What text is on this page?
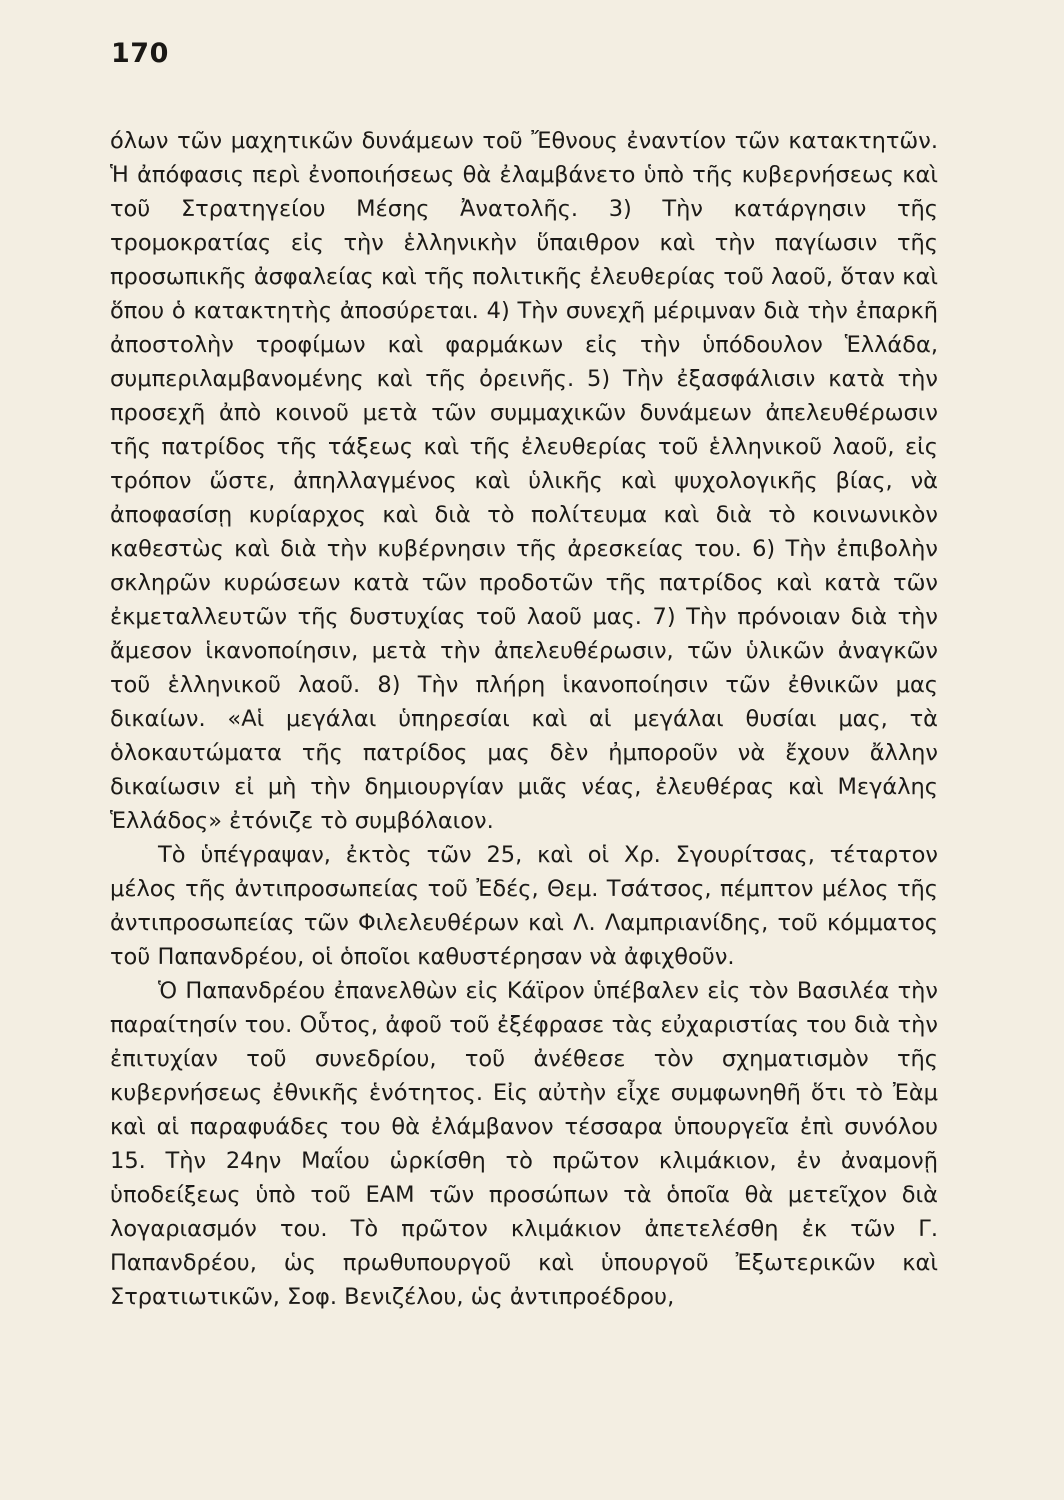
170

όλων τῶν μαχητικῶν δυνάμεων τοῦ Ἔθνους ἐναντίον τῶν κατακτητῶν. Ἡ ἀπόφασις περὶ ἐνοποιήσεως θὰ ἐλαμβάνετο ὑπὸ τῆς κυβερνήσεως καὶ τοῦ Στρατηγείου Μέσης Ἀνατολῆς. 3) Τὴν κατάργησιν τῆς τρομοκρατίας εἰς τὴν ἑλληνικὴν ὕπαιθρον καὶ τὴν παγίωσιν τῆς προσωπικῆς ἀσφαλείας καὶ τῆς πολιτικῆς ἐλευθερίας τοῦ λαοῦ, ὅταν καὶ ὅπου ὁ κατακτητὴς ἀποσύρεται. 4) Τὴν συνεχῆ μέριμναν διὰ τὴν ἐπαρκῆ ἀποστολὴν τροφίμων καὶ φαρμάκων εἰς τὴν ὑπόδουλον Ἑλλάδα, συμπεριλαμβανομένης καὶ τῆς ὀρεινῆς. 5) Τὴν ἐξασφάλισιν κατὰ τὴν προσεχῆ ἀπὸ κοινοῦ μετὰ τῶν συμμαχικῶν δυνάμεων ἀπελευθέρωσιν τῆς πατρίδος τῆς τάξεως καὶ τῆς ἐλευθερίας τοῦ ἑλληνικοῦ λαοῦ, εἰς τρόπον ὥστε, ἀπηλλαγμένος καὶ ὑλικῆς καὶ ψυχολογικῆς βίας, νὰ ἀποφασίσῃ κυρίαρχος καὶ διὰ τὸ πολίτευμα καὶ διὰ τὸ κοινωνικὸν καθεστὼς καὶ διὰ τὴν κυβέρνησιν τῆς ἀρεσκείας του. 6) Τὴν ἐπιβολὴν σκληρῶν κυρώσεων κατὰ τῶν προδοτῶν τῆς πατρίδος καὶ κατὰ τῶν ἐκμεταλλευτῶν τῆς δυστυχίας τοῦ λαοῦ μας. 7) Τὴν πρόνοιαν διὰ τὴν ἄμεσον ἱκανοποίησιν, μετὰ τὴν ἀπελευθέρωσιν, τῶν ὑλικῶν ἀναγκῶν τοῦ ἑλληνικοῦ λαοῦ. 8) Τὴν πλήρη ἱκανοποίησιν τῶν ἐθνικῶν μας δικαίων. «Αἱ μεγάλαι ὑπηρεσίαι καὶ αἱ μεγάλαι θυσίαι μας, τὰ ὁλοκαυτώματα τῆς πατρίδος μας δὲν ἠμποροῦν νὰ ἔχουν ἄλλην δικαίωσιν εἰ μὴ τὴν δημιουργίαν μιᾶς νέας, ἐλευθέρας καὶ Μεγάλης Ἑλλάδος» ἐτόνιζε τὸ συμβόλαιον.

Τὸ ὑπέγραψαν, ἐκτὸς τῶν 25, καὶ οἱ Χρ. Σγουρίτσας, τέταρτον μέλος τῆς ἀντιπροσωπείας τοῦ Ἐδές, Θεμ. Τσάτσος, πέμπτον μέλος τῆς ἀντιπροσωπείας τῶν Φιλελευθέρων καὶ Λ. Λαμπριανίδης, τοῦ κόμματος τοῦ Παπανδρέου, οἱ ὁποῖοι καθυστέρησαν νὰ ἀφιχθοῦν.

Ὁ Παπανδρέου ἐπανελθὼν εἰς Κάϊρον ὑπέβαλεν εἰς τὸν Βασιλέα τὴν παραίτησίν του. Οὗτος, ἀφοῦ τοῦ ἐξέφρασε τὰς εὐχαριστίας του διὰ τὴν ἐπιτυχίαν τοῦ συνεδρίου, τοῦ ἀνέθεσε τὸν σχηματισμὸν τῆς κυβερνήσεως ἐθνικῆς ἑνότητος. Εἰς αὐτὴν εἶχε συμφωνηθῆ ὅτι τὸ Ἐὰμ καὶ αἱ παραφυάδες του θὰ ἐλάμβανον τέσσαρα ὑπουργεῖα ἐπὶ συνόλου 15. Τὴν 24ην Μαΐου ὡρκίσθη τὸ πρῶτον κλιμάκιον, ἐν ἀναμονῇ ὑποδείξεως ὑπὸ τοῦ ΕΑΜ τῶν προσώπων τὰ ὁποῖα θὰ μετεῖχον διὰ λογαριασμόν του. Τὸ πρῶτον κλιμάκιον ἀπετελέσθη ἐκ τῶν Γ. Παπανδρέου, ὡς πρωθυπουργοῦ καὶ ὑπουργοῦ Ἐξωτερικῶν καὶ Στρατιωτικῶν, Σοφ. Βενιζέλου, ὡς ἀντιπροέδρου,
